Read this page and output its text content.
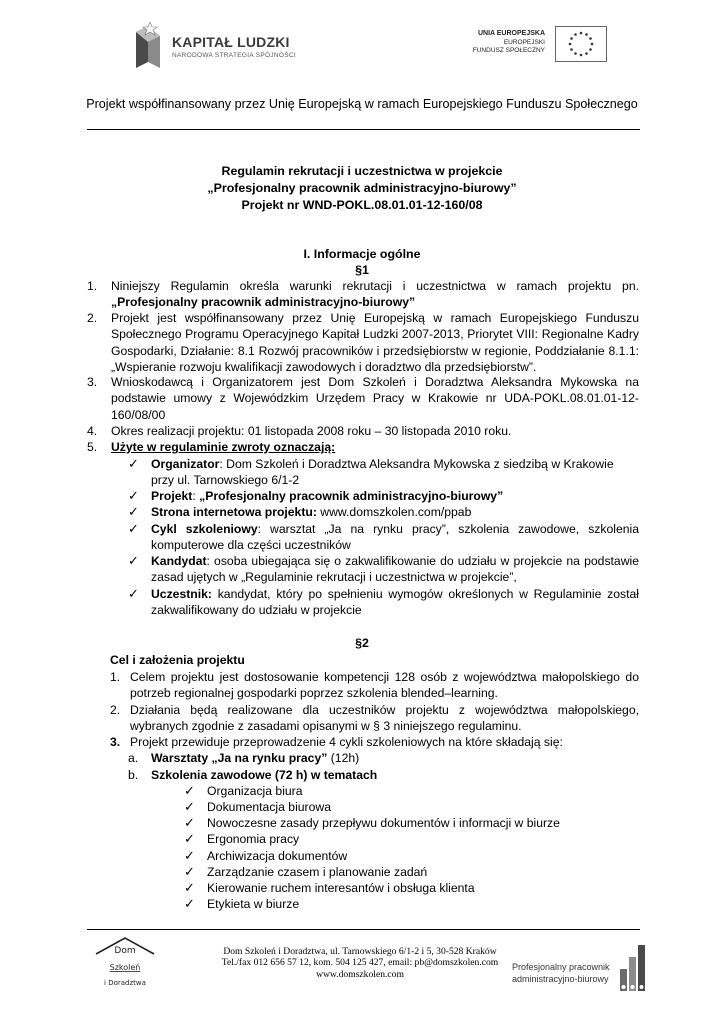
KAPITAŁ LUDZKI
NARODOWA STRATEGIA SPÓJNOŚCI
UNIA EUROPEJSKA
EUROPEJSKI
FUNDUSZ SPOŁECZNY
Projekt współfinansowany przez Unię Europejską w ramach Europejskiego Funduszu Społecznego
Regulamin rekrutacji i uczestnictwa w projekcie
„Profesjonalny pracownik administracyjno-biurowy”
Projekt nr WND-POKL.08.01.01-12-160/08
I. Informacje ogólne
§1
1.	Niniejszy Regulamin określa warunki rekrutacji i uczestnictwa w ramach projektu pn. „Profesjonalny pracownik administracyjno-biurowy”
2.	Projekt jest współfinansowany przez Unię Europejską w ramach Europejskiego Funduszu Społecznego Programu Operacyjnego Kapitał Ludzki 2007-2013, Priorytet VIII: Regionalne Kadry Gospodarki, Działanie: 8.1 Rozwój pracowników i przedsiębiorstw w regionie, Poddziałanie 8.1.1: „Wspieranie rozwoju kwalifikacji zawodowych i doradztwo dla przedsiębiorstw”.
3.	Wnioskodawcą i Organizatorem jest Dom Szkoleń i Doradztwa Aleksandra Mykowska na podstawie umowy z Wojewódzkim Urzędem Pracy w Krakowie nr UDA-POKL.08.01.01-12-160/08/00
4.	Okres realizacji projektu: 01 listopada 2008 roku – 30 listopada 2010 roku.
5.	Użyte w regulaminie zwroty oznaczają:
✓ Organizator: Dom Szkoleń i Doradztwa Aleksandra Mykowska z siedzibą w Krakowie przy ul. Tarnowskiego 6/1-2
✓ Projekt: „Profesjonalny pracownik administracyjno-biurowy”
✓ Strona internetowa projektu: www.domszkolen.com/ppab
✓ Cykl szkoleniowy: warsztat „Ja na rynku pracy”, szkolenia zawodowe, szkolenia komputerowe dla części uczestników
✓ Kandydat: osoba ubiegająca się o zakwalifikowanie do udziału w projekcie na podstawie zasad ujętych w „Regulaminie rekrutacji i uczestnictwa w projekcie”,
✓ Uczestnik: kandydat, który po spełnieniu wymogów określonych w Regulaminie został zakwalifikowany do udziału w projekcie
§2
Cel i założenia projektu
1. Celem projektu jest dostosowanie kompetencji 128 osób z województwa małopolskiego do potrzeb regionalnej gospodarki poprzez szkolenia blended–learning.
2. Działania będą realizowane dla uczestników projektu z województwa małopolskiego, wybranych zgodnie z zasadami opisanymi w § 3 niniejszego regulaminu.
3. Projekt przewiduje przeprowadzenie 4 cykli szkoleniowych na które składają się:
a.	Warsztaty „Ja na rynku pracy” (12h)
b.	Szkolenia zawodowe (72 h) w tematach
✓ Organizacja biura
✓ Dokumentacja biurowa
✓ Nowoczesne zasady przepływu dokumentów i informacji w biurze
✓ Ergonomia pracy
✓ Archiwizacja dokumentów
✓ Zarządzanie czasem i planowanie zadań
✓ Kierowanie ruchem interesantów i obsługa klienta
✓ Etykieta w biurze
Dom
Szkoleń
i Doradztwa
Dom Szkoleń i Doradztwa, ul. Tarnowskiego 6/1-2 i 5, 30-528 Kraków
Tel./fax 012 656 57 12, kom. 504 125 427, email: pb@domszkolen.com
www.domszkolen.com
Profesjonalny pracownik
administracyjno-biurowy
